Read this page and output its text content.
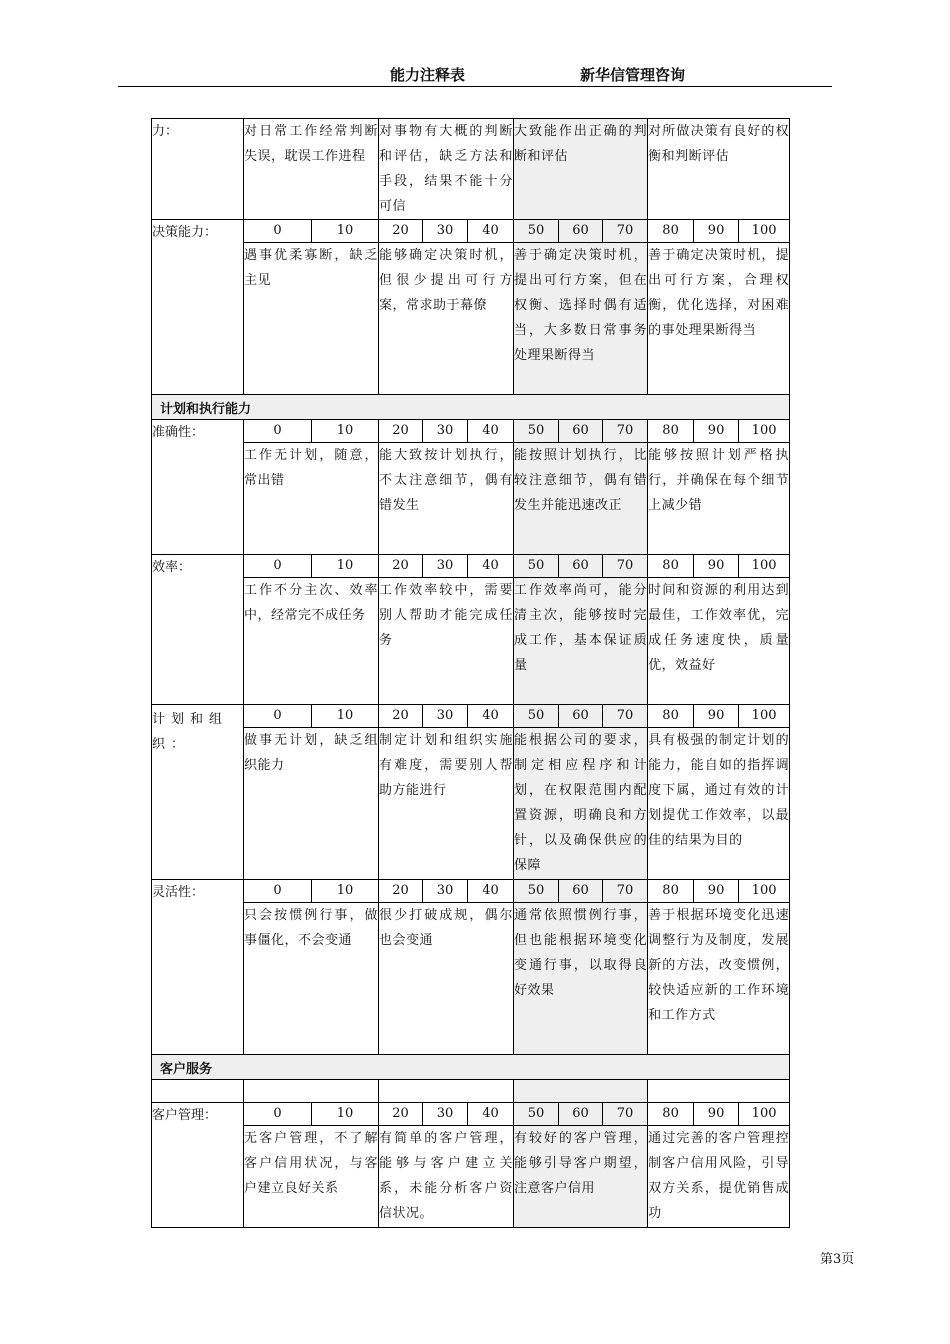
能力注释表	新华信管理咨询
力：	对日常工作经常判断失误，耽误工作进程		对事物有大概的判断和评估，缺乏方法和手段，结果不能十分可信			大致能作出正确的判断和评估			对所做决策有良好的权衡和判断评估		
决策能力：	0	10	20	30	40	50	60	70	80	90	100
	遇事优柔寡断，缺乏主见		能够确定决策时机，但很少提出可行方案，常求助于幕僚			善于确定决策时机，提出可行方案，但在权衡、选择时偶有适当，大多数日常事务处理果断得当			善于确定决策时机，提出可行方案，合理权衡，优化选择，对困难的事处理果断得当		
计划和执行能力											
准确性：	0	10	20	30	40	50	60	70	80	90	100
	工作无计划，随意，常出错		能大致按计划执行，不太注意细节，偶有错发生			能按照计划执行，比较注意细节，偶有错发生并能迅速改正			能够按照计划严格执行，并确保在每个细节上减少错		
效率：	0	10	20	30	40	50	60	70	80	90	100
	工作不分主次、效率中，经常完不成任务		工作效率较中，需要别人帮助才能完成任务			工作效率尚可，能分清主次，能够按时完成工作，基本保证质量			时间和资源的利用达到最佳，工作效率优，完成任务速度快，质量优，效益好		
计划和组织：	0	10	20	30	40	50	60	70	80	90	100
	做事无计划，缺乏组织能力		制定计划和组织实施有难度，需要别人帮助方能进行			能根据公司的要求，制定相应程序和计划，在权限范围内配置资源，明确良和方针，以及确保供应的保障			具有极强的制定计划的能力，能自如的指挥调度下属，通过有效的计划提优工作效率，以最佳的结果为目的		
灵活性：	0	10	20	30	40	50	60	70	80	90	100
	只会按惯例行事，做事僵化，不会变通		很少打破成规，偶尔也会变通			通常依照惯例行事，但也能根据环境变化变通行事，以取得良好效果			善于根据环境变化迅速调整行为及制度，发展新的方法，改变惯例，较快适应新的工作环境和工作方式		
客户服务											

客户管理：	0	10	20	30	40	50	60	70	80	90	100
	无客户管理，不了解客户信用状况，与客户建立良好关系		有简单的客户管理，能够与客户建立关系，未能分析客户资信状况。			有较好的客户管理，能够引导客户期望，注意客户信用			通过完善的客户管理控制客户信用风险，引导双方关系，提优销售成功		
第3页
